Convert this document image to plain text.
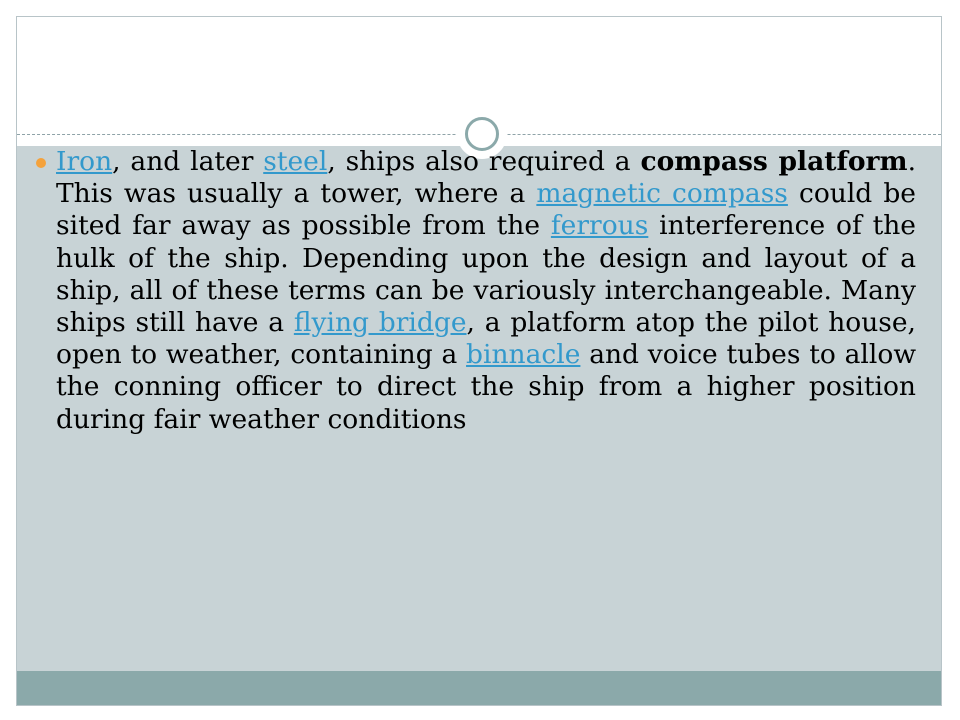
Iron, and later steel, ships also required a compass platform. This was usually a tower, where a magnetic compass could be sited far away as possible from the ferrous interference of the hulk of the ship. Depending upon the design and layout of a ship, all of these terms can be variously interchangeable. Many ships still have a flying bridge, a platform atop the pilot house, open to weather, containing a binnacle and voice tubes to allow the conning officer to direct the ship from a higher position during fair weather conditions
